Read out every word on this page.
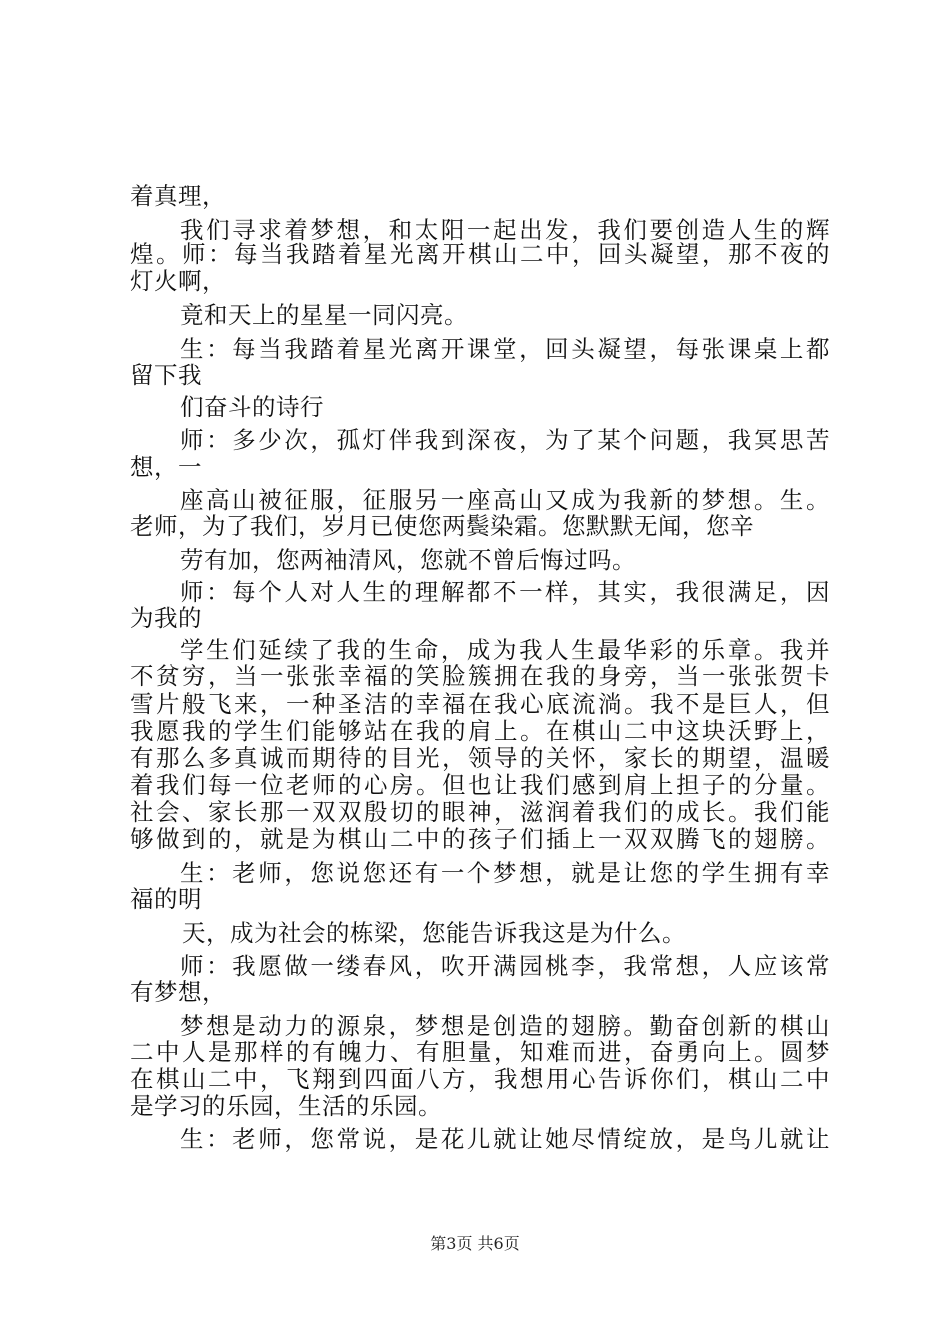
着真理，
我们寻求着梦想，和太阳一起出发，我们要创造人生的辉
煌。师：每当我踏着星光离开棋山二中，回头凝望，那不夜的
灯火啊，
竟和天上的星星一同闪亮。
生：每当我踏着星光离开课堂，回头凝望，每张课桌上都
留下我
们奋斗的诗行
师：多少次，孤灯伴我到深夜，为了某个问题，我冥思苦
想，一
座高山被征服，征服另一座高山又成为我新的梦想。生。
老师，为了我们，岁月已使您两鬓染霜。您默默无闻，您辛
劳有加，您两袖清风，您就不曾后悔过吗。
师：每个人对人生的理解都不一样，其实，我很满足，因
为我的
学生们延续了我的生命，成为我人生最华彩的乐章。我并
不贫穷，当一张张幸福的笑脸簇拥在我的身旁，当一张张贺卡
雪片般飞来，一种圣洁的幸福在我心底流淌。我不是巨人，但
我愿我的学生们能够站在我的肩上。在棋山二中这块沃野上，
有那么多真诚而期待的目光，领导的关怀，家长的期望，温暖
着我们每一位老师的心房。但也让我们感到肩上担子的分量。
社会、家长那一双双殷切的眼神，滋润着我们的成长。我们能
够做到的，就是为棋山二中的孩子们插上一双双腾飞的翅膀。
生：老师，您说您还有一个梦想，就是让您的学生拥有幸
福的明
天，成为社会的栋梁，您能告诉我这是为什么。
师：我愿做一缕春风，吹开满园桃李，我常想，人应该常
有梦想，
梦想是动力的源泉，梦想是创造的翅膀。勤奋创新的棋山
二中人是那样的有魄力、有胆量，知难而进，奋勇向上。圆梦
在棋山二中，飞翔到四面八方，我想用心告诉你们，棋山二中
是学习的乐园，生活的乐园。
生：老师，您常说，是花儿就让她尽情绽放，是鸟儿就让
第3页 共6页
